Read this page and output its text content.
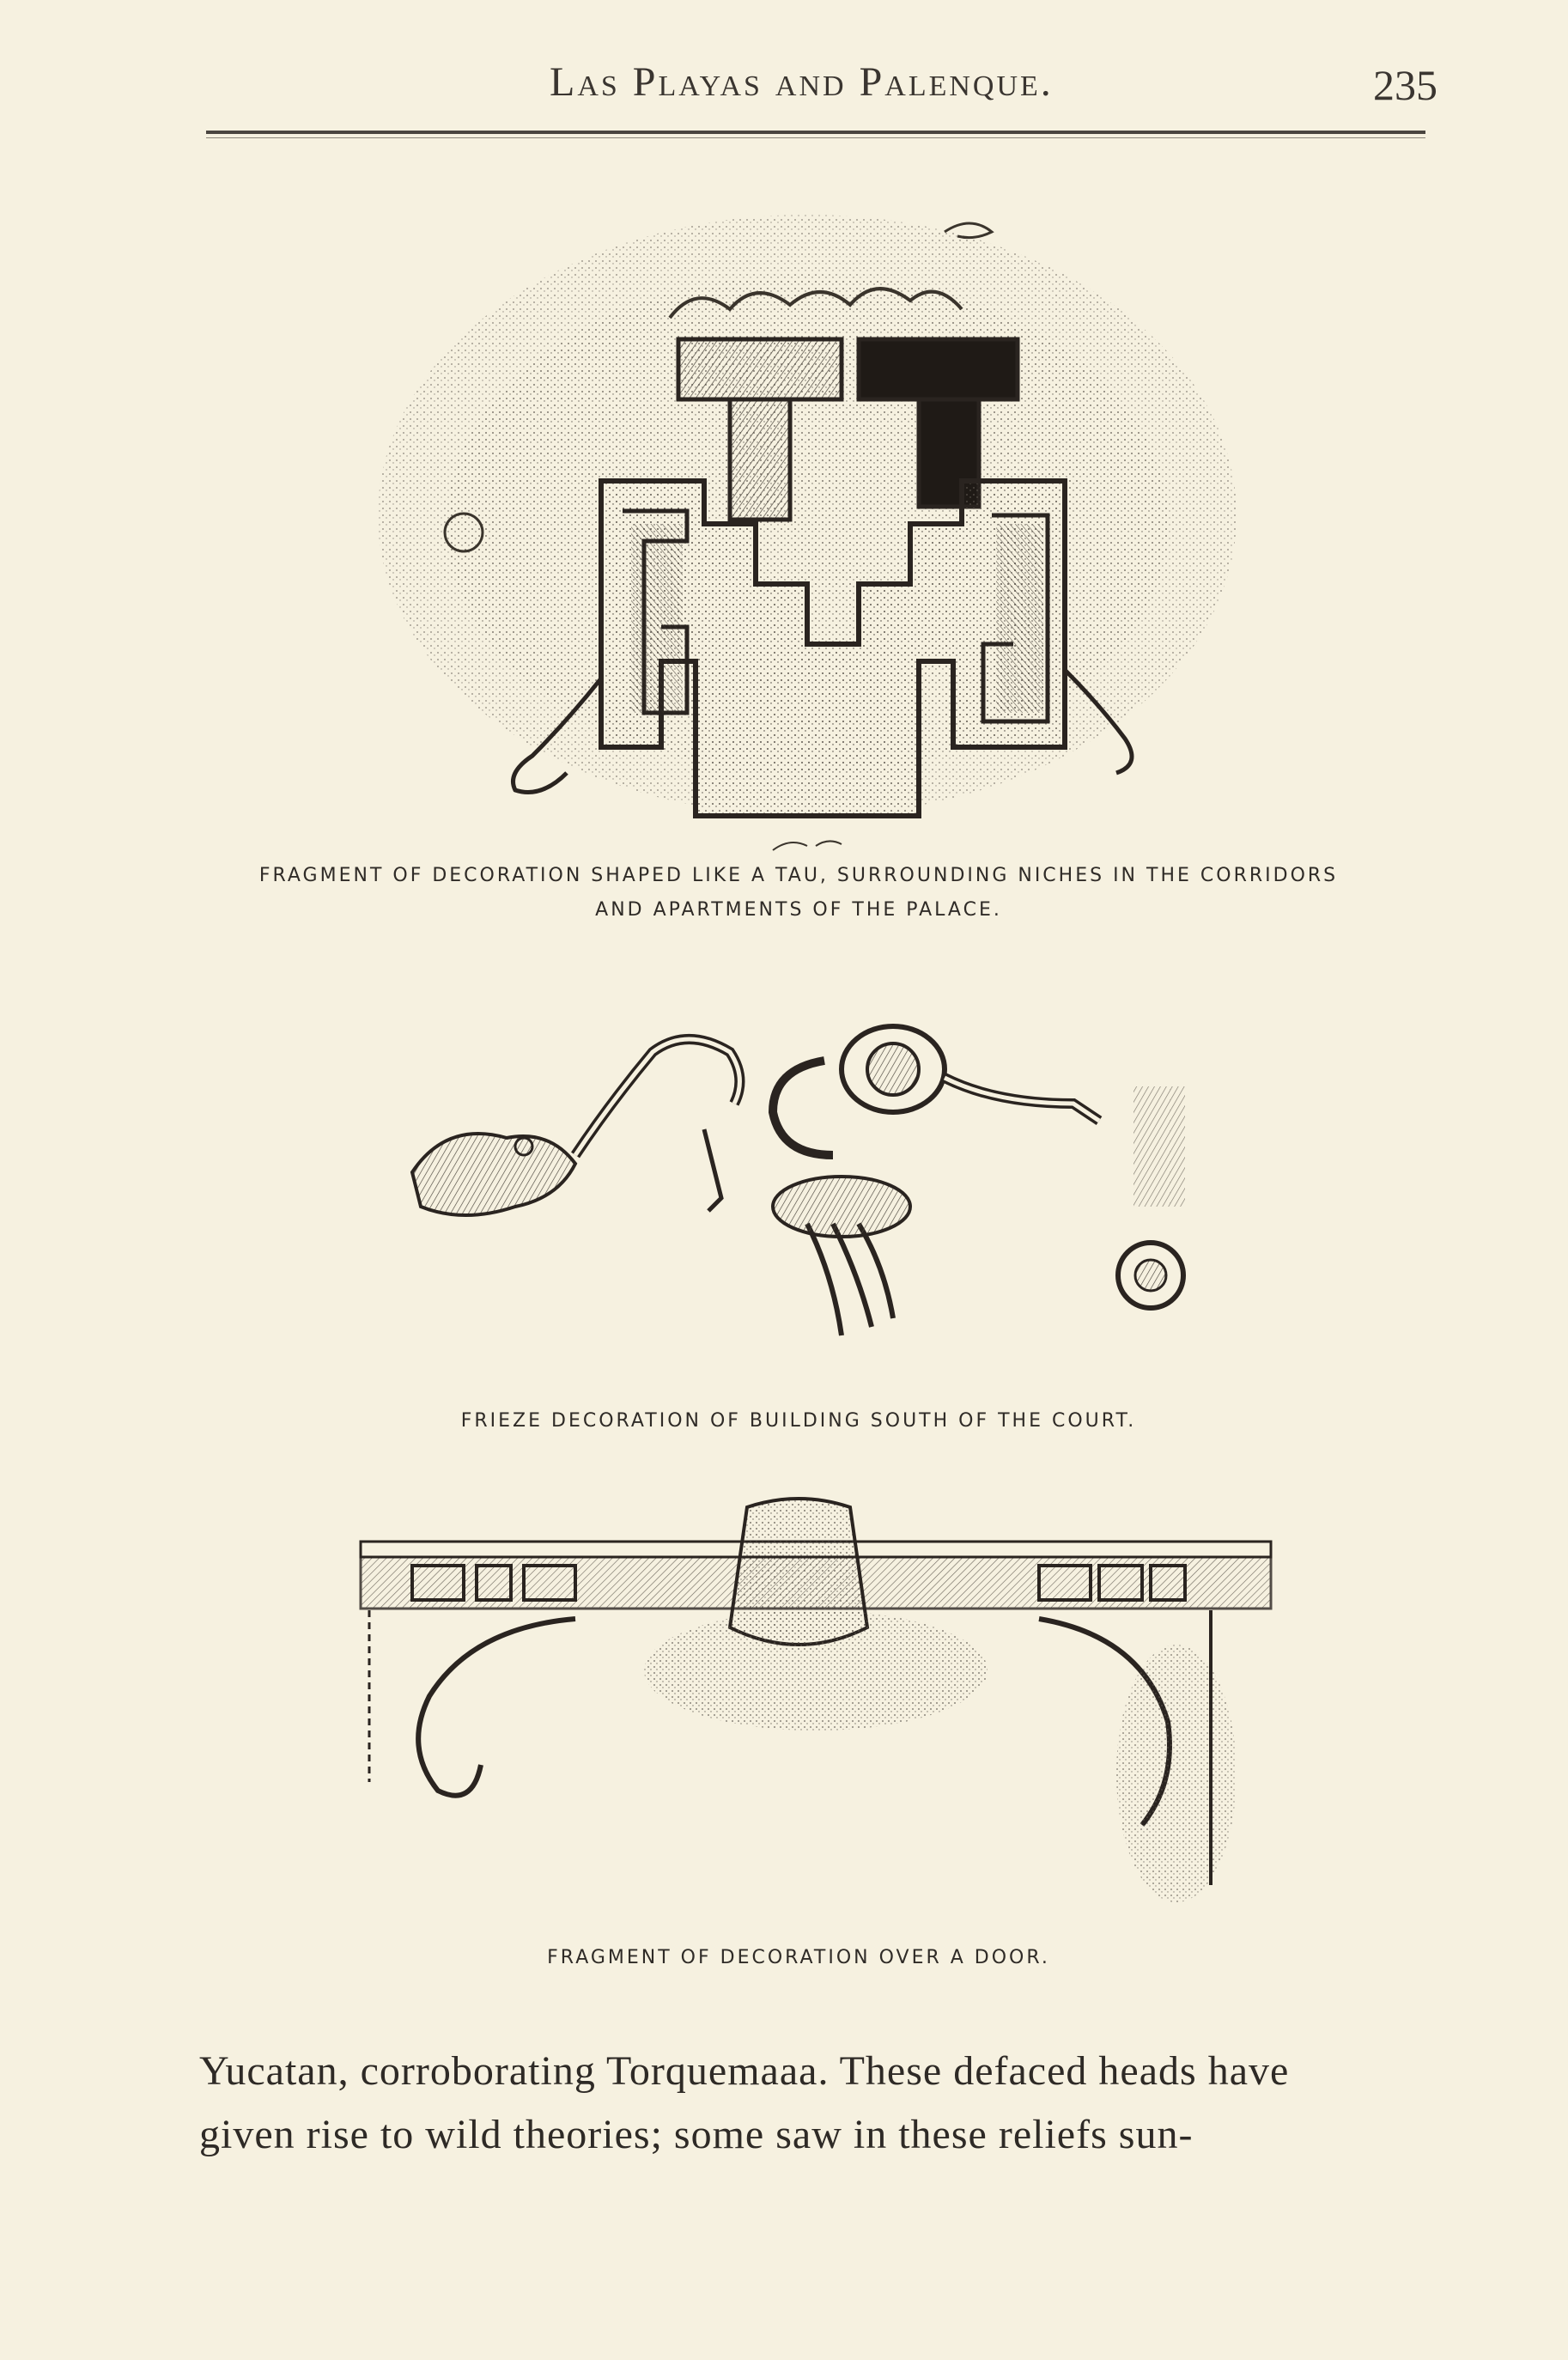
Las Playas and Palenque.	235
FRAGMENT OF DECORATION SHAPED LIKE A TAU, SURROUNDING NICHES IN THE CORRIDORS
AND APARTMENTS OF THE PALACE.
FRIEZE DECORATION OF BUILDING SOUTH OF THE COURT.
FRAGMENT OF DECORATION OVER A DOOR.
Yucatan, corroborating Torquemaaa. These defaced heads have
given rise to wild theories; some saw in these reliefs sun-
